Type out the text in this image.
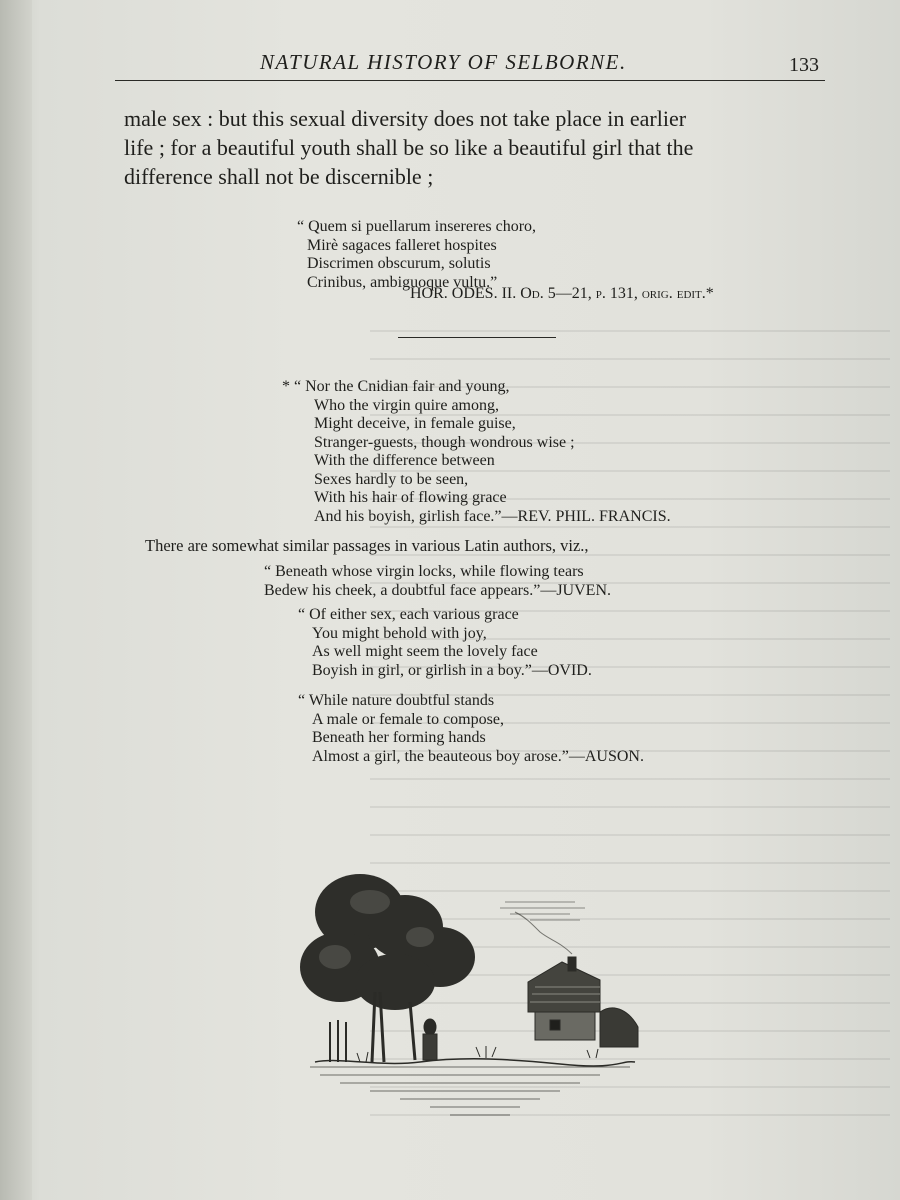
NATURAL HISTORY OF SELBORNE.	133
male sex : but this sexual diversity does not take place in earlier
life ; for a beautiful youth shall be so like a beautiful girl that the
difference shall not be discernible ;
“ Quem si puellarum insereres choro,
Mirè sagaces falleret hospites
Discrimen obscurum, solutis
Crinibus, ambiguoque vultu.”
HOR. ODES. II. Od. 5—21, p. 131, orig. edit.*
* “ Nor the Cnidian fair and young,
Who the virgin quire among,
Might deceive, in female guise,
Stranger-guests, though wondrous wise ;
With the difference between
Sexes hardly to be seen,
With his hair of flowing grace
And his boyish, girlish face.”—REV. PHIL. FRANCIS.
There are somewhat similar passages in various Latin authors, viz.,
“ Beneath whose virgin locks, while flowing tears
Bedew his cheek, a doubtful face appears.”—JUVEN.
“ Of either sex, each various grace
You might behold with joy,
As well might seem the lovely face
Boyish in girl, or girlish in a boy.”—OVID.
“ While nature doubtful stands
A male or female to compose,
Beneath her forming hands
Almost a girl, the beauteous boy arose.”—AUSON.
